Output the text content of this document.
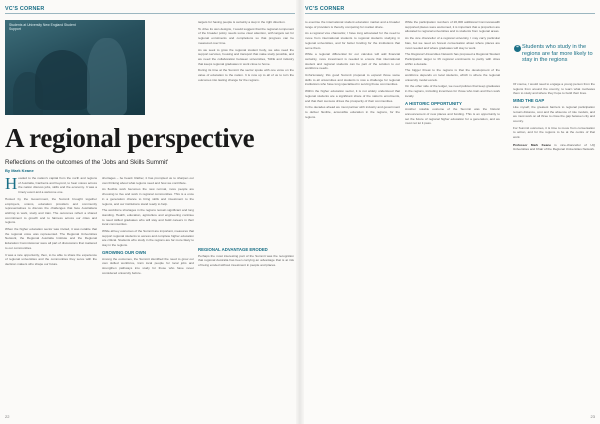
VC'S CORNER
Students at University New England Student Support

targets for having people is certainly a step in the right direction.

To drive its own designs, I would suggest that the regional component of the broader policy needs some clear attention, with targets set for regional enrolments and completions so that progress can be measured over time.

As we seek to grow the regional student body, we also need the support services, housing and transport that make study possible, and we need the collaboration between universities, TAFE and industry that keeps regional graduates in work close to home.

During its time at the Summit the sector spoke with one voice on the value of education to the nation. It is now up to all of us to turn the outcomes into lasting change for the regions.

A regional perspective
Reflections on the outcomes of the 'Jobs and Skills Summit'
By Mark Keane

Headed to the nation's capital from the north and regions of Australia, Canberra and beyond, to hear voices across the nation discuss jobs, skills and the economy. It was a timely event and a welcome one.

Hosted by the Government, the Summit brought together employers, unions, education providers and community representatives to discuss the challenges that face Australians wishing to work, study and train. The outcomes reflect a shared commitment to growth and to fairness across our cities and regions.

When the higher education sector was invited, it was notable that the regional voice was represented. The Regional Universities Network, the Regional Australia Institute and the Regional Education Commissioner were all part of discussions that mattered to our communities.

It was a rare opportunity, then, to be able to share the experience of regional universities and the communities they serve with the decision makers who shape our future.

shortages – be heard. Rather, it has prompted us to sharpen our own thinking about what regions need and how we contribute.

As flexible work becomes the new normal, more people are choosing to live and work in regional communities. This is a once in a generation chance to bring skills and investment to the regions, and our institutions stand ready to help.

The workforce shortages in the regions remain significant and long standing. Health, education, agriculture and engineering continue to need skilled graduates who will stay and build careers in their local communities.

While all key outcomes of the Summit are important, measures that support regional students to access and complete higher education are critical. Students who study in the regions are far more likely to stay in the regions.

GROWING OUR OWN

Among the outcomes, the Summit identified the need to grow our own skilled workforce, train local people for local jobs and strengthen pathways into study for those who have never considered university before.

REGIONAL ADVANTAGE ERODED

Perhaps the most interesting part of the Summit was the recognition that regional Australia has been carrying an advantage that is at risk of being eroded without investment in people and places.

22
VC'S CORNER

to exercise the international student education market and a broader range of providers is thereby competing for market share.

As a regional vice chancellor, I have long advocated for the need to move from international students to regional students studying in regional universities, and for better funding for the institutions that serve them.

While a regional differential for our calculus will add financial certainty, more investment is needed to ensure that international student and regional students can be part of the solution to our workforce needs.

Unfortunately, this good Summit proposal to expand those same skills to all universities and students is now a challenge for regional institutions who have long specialised in serving those communities.

Within the higher education sector, it is not widely understood that regional students are a significant share of the nation's enrolments, and that their success drives the prosperity of their communities.

In the decades ahead we must partner with industry and government to deliver flexible, accessible education in the regions, for the regions.

While the participation numbers of 20,000 additional Commonwealth supported places were welcomed, it is important that a proportion are allocated to regional universities and to students from regional areas.

As the vice chancellor of a regional university, I may carry particular bias, but we need an honest conversation about where places are most needed and where graduates will stay to work.

The Regional Universities Network has proposed a Regional Student Participation target to lift regional enrolments to parity with cities within a decade.

The bigger threat to the regions is that the development of the workforce depends on local students, which is where the regional university model excels.

On the other side of the ledger, we need policies that keep graduates in the regions, including incentives for those who train and then work locally.

A HISTORIC OPPORTUNITY

Another notable outcome of the Summit was the historic announcement of new places and funding. This is an opportunity to set the future of regional higher education for a generation, and we must not let it pass.

❝ Students who study in the regions are far more likely to stay in the regions

Of course, I would need to engage a young person from the regions from around the country, to learn what motivates them to study and where they hope to build their lives.

MIND THE GAP

Like myself, the greatest barriers to regional participation remain distance, cost and the absence of role models, and we must work on all three to close the gap between city and country.

For Summit outcomes, it is time to move from conversation to action, and for the regions to be at the centre of that work.

Professor Mark Keane is vice-chancellor of UQ Universities and Chair of the Regional Universities Network.
23
